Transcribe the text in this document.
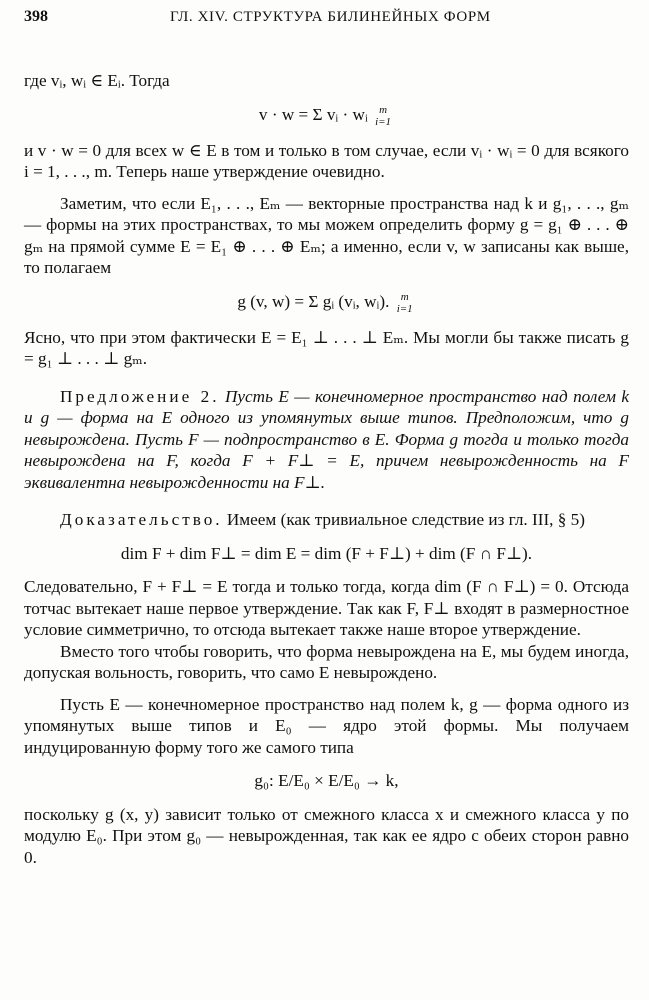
398	ГЛ. XIV. СТРУКТУРА БИЛИНЕЙНЫХ ФОРМ

где vᵢ, wᵢ ∈ Eᵢ. Тогда

v · w = Σ vᵢ · wᵢ	m
i=1

и v · w = 0 для всех w ∈ E в том и только в том случае, если vᵢ · wᵢ = 0 для всякого i = 1, . . ., m. Теперь наше утверждение очевидно.

Заметим, что если E₁, . . ., Eₘ — векторные пространства над k и g₁, . . ., gₘ — формы на этих пространствах, то мы можем определить форму g = g₁ ⊕ . . . ⊕ gₘ на прямой сумме E = E₁ ⊕ . . . ⊕ Eₘ; а именно, если v, w записаны как выше, то полагаем

g (v, w) = Σ gᵢ (vᵢ, wᵢ).	m
i=1

Ясно, что при этом фактически E = E₁ ⊥ . . . ⊥ Eₘ. Мы могли бы также писать g = g₁ ⊥ . . . ⊥ gₘ.

Предложение 2. Пусть E — конечномерное пространство над полем k и g — форма на E одного из упомянутых выше типов. Предположим, что g невырождена. Пусть F — подпространство в E. Форма g тогда и только тогда невырождена на F, когда F + F⊥ = E, причем невырожденность на F эквивалентна невырожденности на F⊥.

Доказательство. Имеем (как тривиальное следствие из гл. III, § 5)

dim F + dim F⊥ = dim E = dim (F + F⊥) + dim (F ∩ F⊥).

Следовательно, F + F⊥ = E тогда и только тогда, когда dim (F ∩ F⊥) = 0. Отсюда тотчас вытекает наше первое утверждение. Так как F, F⊥ входят в размерностное условие симметрично, то отсюда вытекает также наше второе утверждение.

Вместо того чтобы говорить, что форма невырождена на E, мы будем иногда, допуская вольность, говорить, что само E невырождено.

Пусть E — конечномерное пространство над полем k, g — форма одного из упомянутых выше типов и E₀ — ядро этой формы. Мы получаем индуцированную форму того же самого типа

g₀: E/E₀ × E/E₀ → k,

поскольку g (x, y) зависит только от смежного класса x и смежного класса y по модулю E₀. При этом g₀ — невырожденная, так как ее ядро с обеих сторон равно 0.
